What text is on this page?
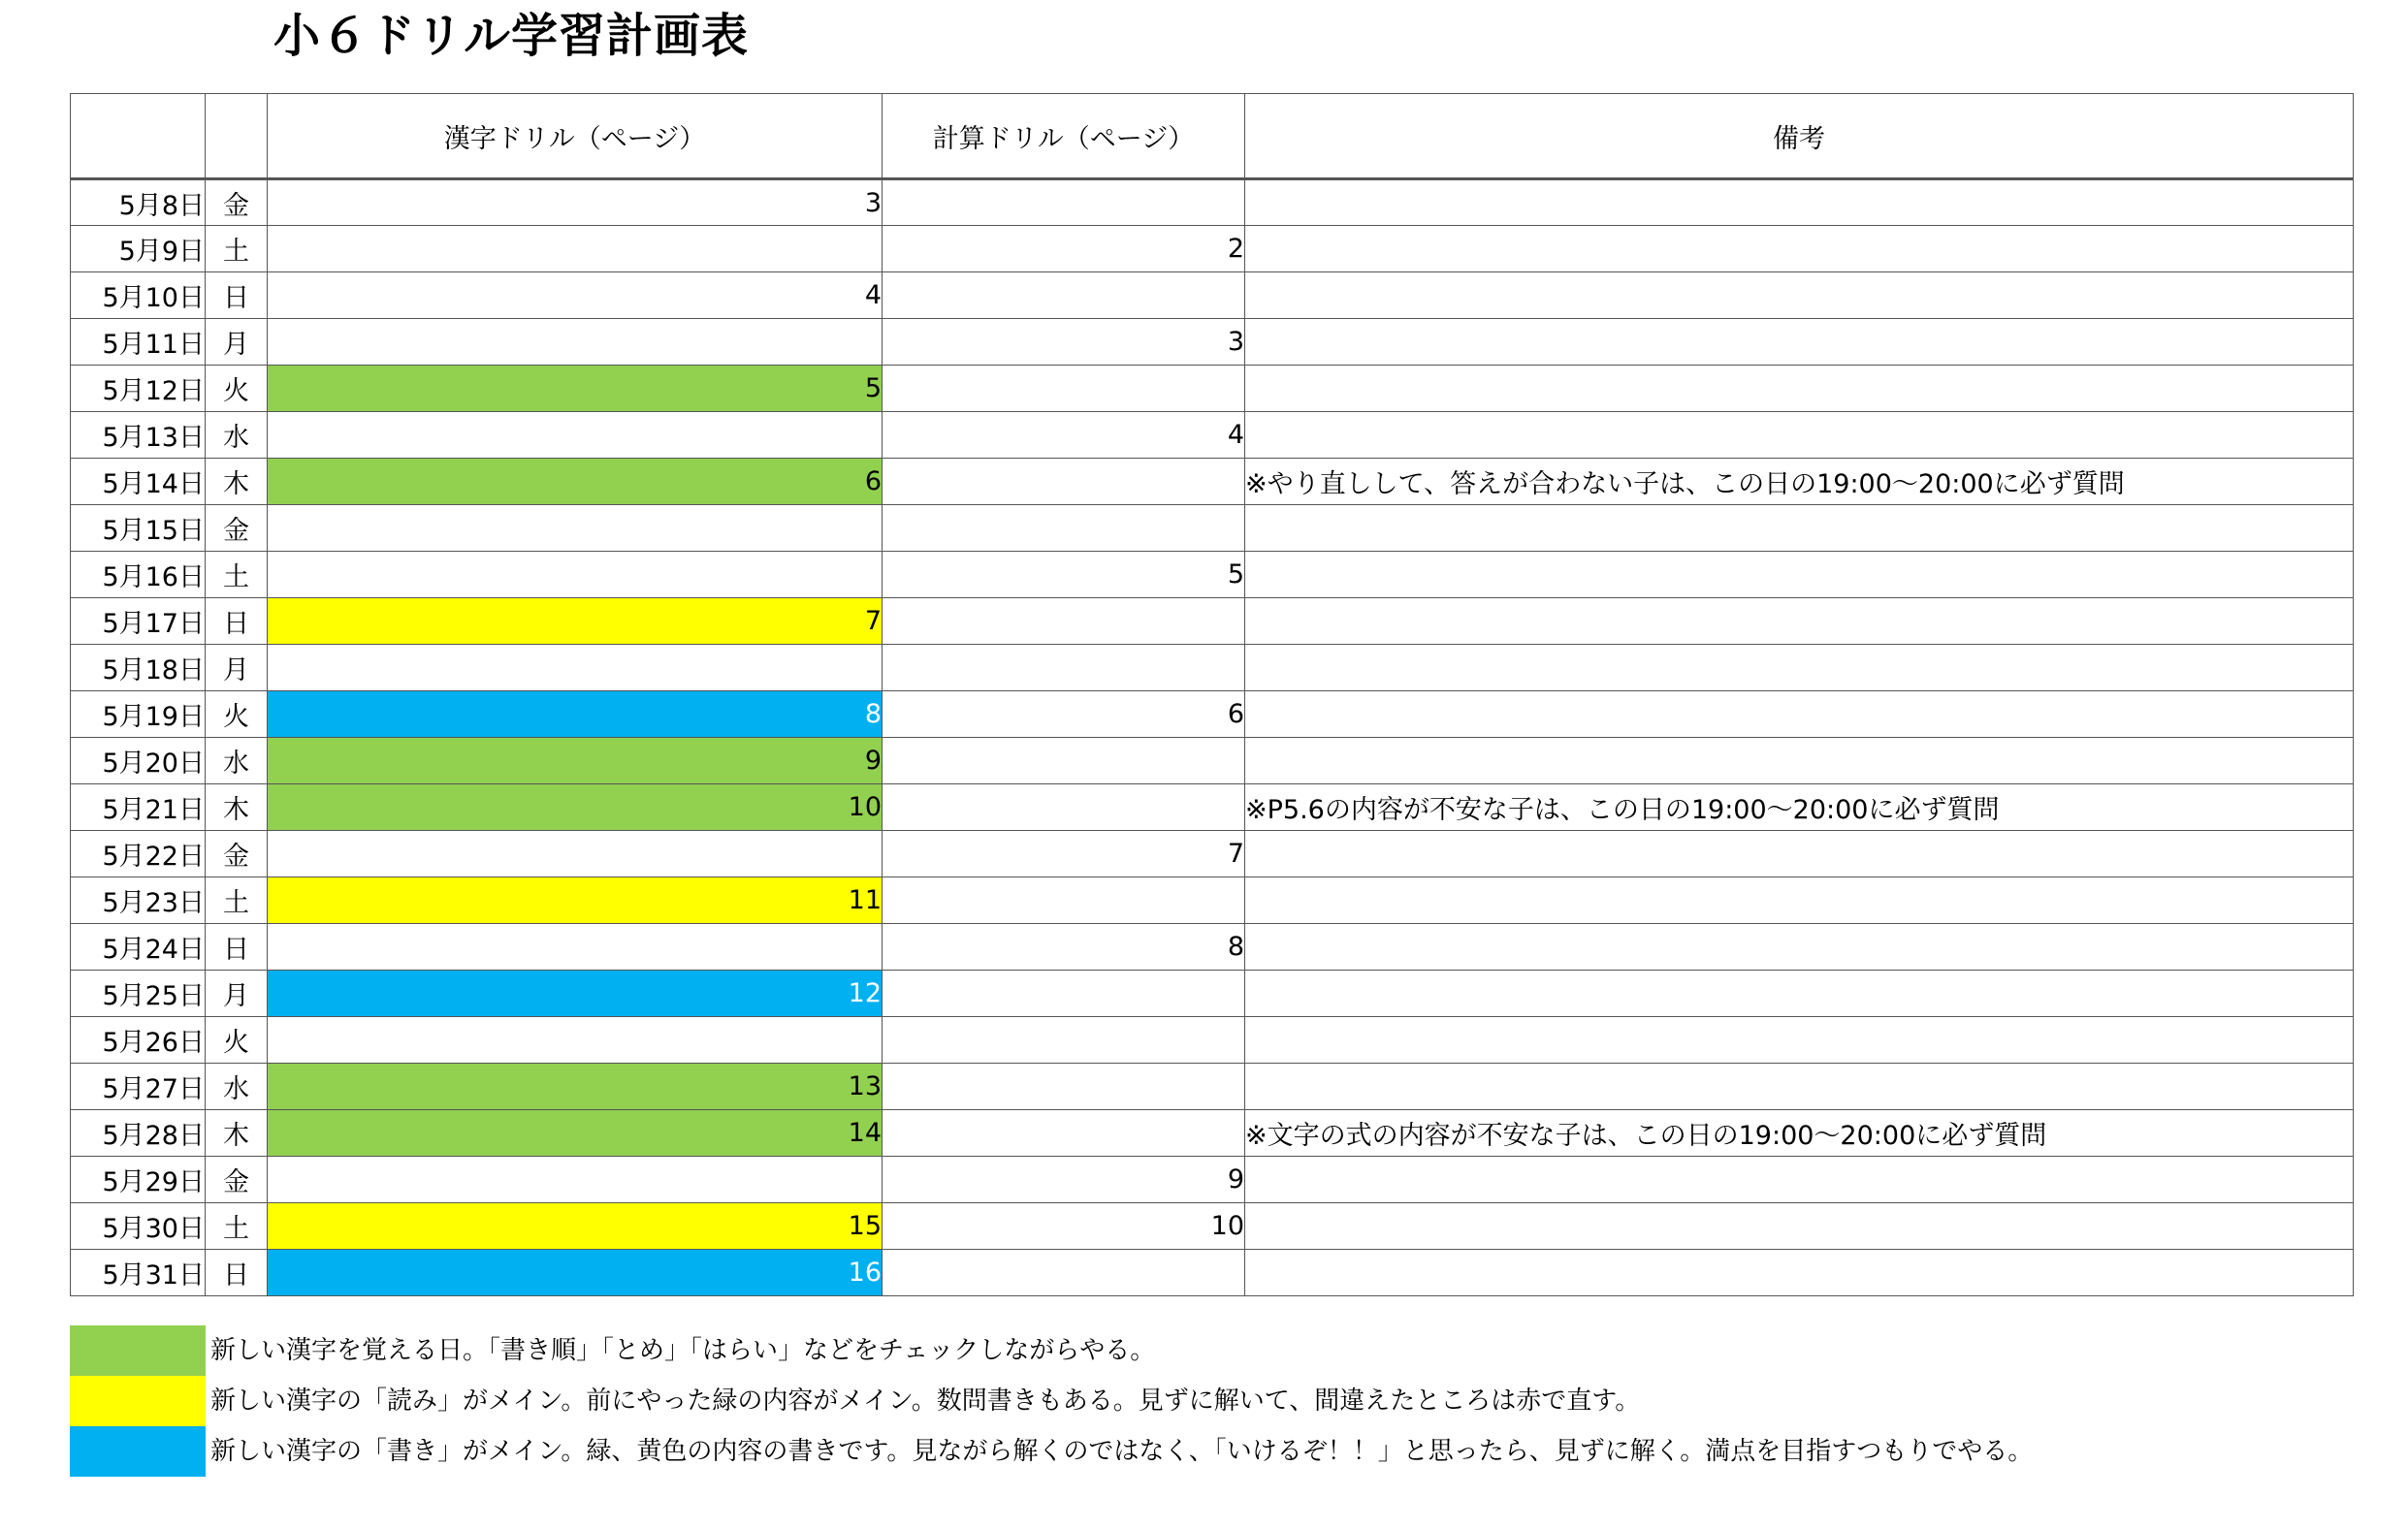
小６ドリル学習計画表
		漢字ドリル（ページ）	計算ドリル（ページ）	備考
5月8日	金	3		
5月9日	土		2	
5月10日	日	4		
5月11日	月		3	
5月12日	火	5		
5月13日	水		4	
5月14日	木	6		※やり直しして、答えが合わない子は、この日の19:00～20:00に必ず質問
5月15日	金			
5月16日	土		5	
5月17日	日	7		
5月18日	月			
5月19日	火	8	6	
5月20日	水	9		
5月21日	木	10		※P5.6の内容が不安な子は、この日の19:00～20:00に必ず質問
5月22日	金		7	
5月23日	土	11		
5月24日	日		8	
5月25日	月	12		
5月26日	火			
5月27日	水	13		
5月28日	木	14		※文字の式の内容が不安な子は、この日の19:00～20:00に必ず質問
5月29日	金		9	
5月30日	土	15	10	
5月31日	日	16		
新しい漢字を覚える日。「書き順」「とめ」「はらい」などをチェックしながらやる。
新しい漢字の「読み」がメイン。前にやった緑の内容がメイン。数問書きもある。見ずに解いて、間違えたところは赤で直す。
新しい漢字の「書き」がメイン。緑、黄色の内容の書きです。見ながら解くのではなく、「いけるぞ！！」と思ったら、見ずに解く。満点を目指すつもりでやる。
